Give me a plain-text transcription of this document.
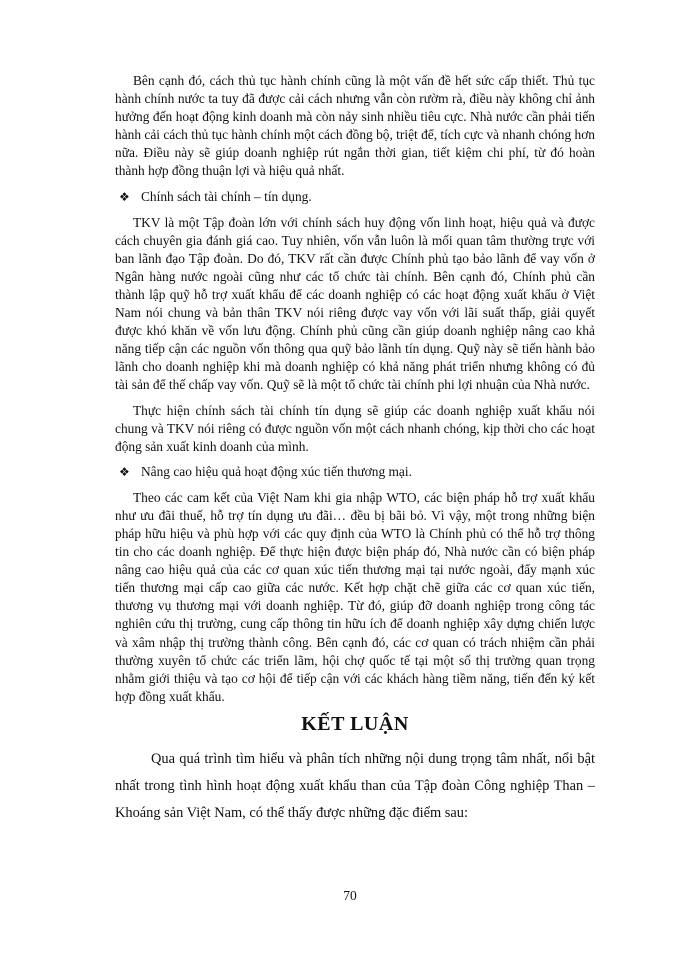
Bên cạnh đó, cách thủ tục hành chính cũng là một vấn đề hết sức cấp thiết. Thủ tục hành chính nước ta tuy đã được cải cách nhưng vẫn còn rườm rà, điều này không chỉ ảnh hưởng đến hoạt động kinh doanh mà còn nảy sinh nhiều tiêu cực. Nhà nước cần phải tiến hành cải cách thủ tục hành chính một cách đồng bộ, triệt để, tích cực và nhanh chóng hơn nữa. Điều này sẽ giúp doanh nghiệp rút ngắn thời gian, tiết kiệm chi phí, từ đó hoàn thành hợp đồng thuận lợi và hiệu quả nhất.

❖ Chính sách tài chính – tín dụng.

TKV là một Tập đoàn lớn với chính sách huy động vốn linh hoạt, hiệu quả và được cách chuyên gia đánh giá cao. Tuy nhiên, vốn vẫn luôn là mối quan tâm thường trực với ban lãnh đạo Tập đoàn. Do đó, TKV rất cần được Chính phủ tạo bảo lãnh để vay vốn ở Ngân hàng nước ngoài cũng như các tổ chức tài chính. Bên cạnh đó, Chính phủ cần thành lập quỹ hỗ trợ xuất khẩu để các doanh nghiệp có các hoạt động xuất khẩu ở Việt Nam nói chung và bản thân TKV nói riêng được vay vốn với lãi suất thấp, giải quyết được khó khăn về vốn lưu động. Chính phủ cũng cần giúp doanh nghiệp nâng cao khả năng tiếp cận các nguồn vốn thông qua quỹ bảo lãnh tín dụng. Quỹ này sẽ tiến hành bảo lãnh cho doanh nghiệp khi mà doanh nghiệp có khả năng phát triển nhưng không có đủ tài sản để thế chấp vay vốn. Quỹ sẽ là một tổ chức tài chính phi lợi nhuận của Nhà nước.

Thực hiện chính sách tài chính tín dụng sẽ giúp các doanh nghiệp xuất khẩu nói chung và TKV nói riêng có được nguồn vốn một cách nhanh chóng, kịp thời cho các hoạt động sản xuất kinh doanh của mình.

❖ Nâng cao hiệu quả hoạt động xúc tiến thương mại.

Theo các cam kết của Việt Nam khi gia nhập WTO, các biện pháp hỗ trợ xuất khẩu như ưu đãi thuế, hỗ trợ tín dụng ưu đãi… đều bị bãi bỏ. Vì vậy, một trong những biện pháp hữu hiệu và phù hợp với các quy định của WTO là Chính phủ có thể hỗ trợ thông tin cho các doanh nghiệp. Để thực hiện được biện pháp đó, Nhà nước cần có biện pháp nâng cao hiệu quả của các cơ quan xúc tiến thương mại tại nước ngoài, đẩy mạnh xúc tiến thương mại cấp cao giữa các nước. Kết hợp chặt chẽ giữa các cơ quan xúc tiến, thương vụ thương mại với doanh nghiệp. Từ đó, giúp đỡ doanh nghiệp trong công tác nghiên cứu thị trường, cung cấp thông tin hữu ích để doanh nghiệp xây dựng chiến lược và xâm nhập thị trường thành công. Bên cạnh đó, các cơ quan có trách nhiệm cần phải thường xuyên tổ chức các triển lãm, hội chợ quốc tế tại một số thị trường quan trọng nhằm giới thiệu và tạo cơ hội để tiếp cận với các khách hàng tiềm năng, tiến đến ký kết hợp đồng xuất khẩu.

KẾT LUẬN

Qua quá trình tìm hiểu và phân tích những nội dung trọng tâm nhất, nổi bật nhất trong tình hình hoạt động xuất khẩu than của Tập đoàn Công nghiệp Than – Khoáng sản Việt Nam, có thể thấy được những đặc điểm sau:

70
